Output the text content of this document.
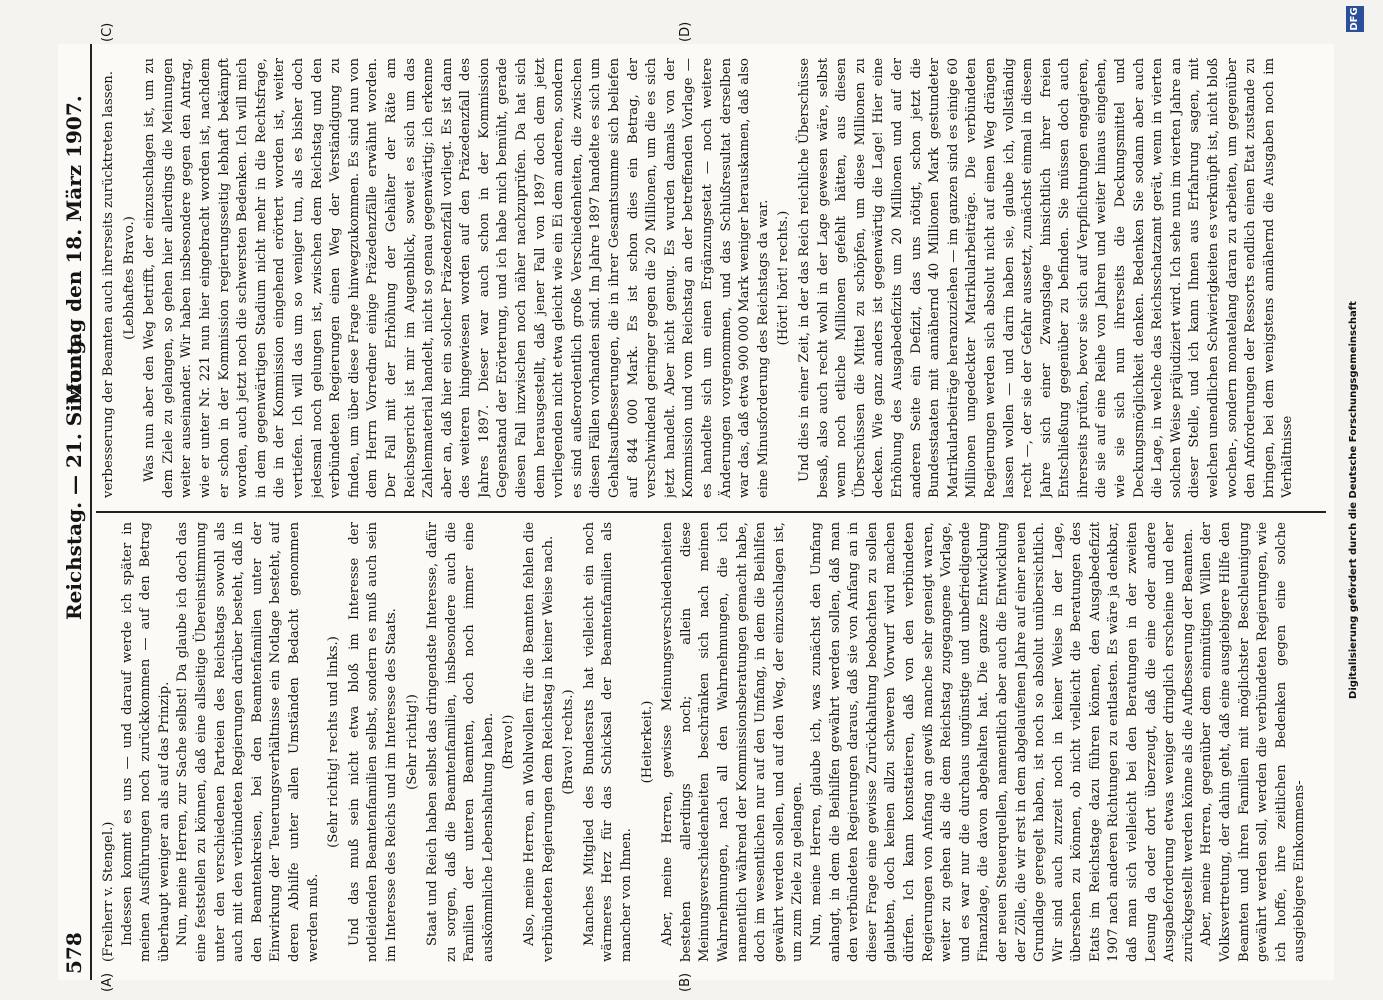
578
Reichstag. — 21. Sitzung.
Montag den 18. März 1907.
(A)	(B)
(C)	(D)

(Freiherr v. Stengel.) Indessen kommt es uns — und darauf werde ich später in meinen Ausführungen noch zurückkommen — auf den Betrag überhaupt weniger an als auf das Prinzip. Nun, meine Herren, zur Sache selbst! Da glaube ich doch das eine feststellen zu können, daß eine allseitige Übereinstimmung unter den verschiedenen Parteien des Reichstags sowohl als auch mit den verbündeten Regierungen darüber besteht, daß in den Beamtenkreisen, bei den Beamtenfamilien unter der Einwirkung der Teuerungsverhältnisse ein Notlage besteht, auf deren Abhilfe unter allen Umständen Bedacht genommen werden muß.

(Sehr richtig! rechts und links.) Und das muß sein nicht etwa bloß im Interesse der notleidenden Beamtenfamilien selbst, sondern es muß auch sein im Interesse des Reichs und im Interesse des Staats. (Sehr richtig!) Staat und Reich haben selbst das dringendste Interesse, dafür zu sorgen, daß die Beamtenfamilien, insbesondere auch die Familien der unteren Beamten, doch noch immer eine auskömmliche Lebenshaltung haben. (Bravo!) Also, meine Herren, an Wohlwollen für die Beamten fehlen die verbündeten Regierungen dem Reichstag in keiner Weise nach. (Bravo! rechts.) Manches Mitglied des Bundesrats hat vielleicht ein noch wärmeres Herz für das Schicksal der Beamtenfamilien als mancher von Ihnen.

(Heiterkeit.) Aber, meine Herren, gewisse Meinungsverschiedenheiten bestehen allerdings noch; allein diese Meinungsverschiedenheiten beschränken sich nach meinen Wahrnehmungen, nach all den Wahrnehmungen, die ich namentlich während der Kommissionsberatungen gemacht habe, doch im wesentlichen nur auf den Umfang, in dem die Beihilfen gewährt werden sollen, und auf den Weg, der einzuschlagen ist, um zum Ziele zu gelangen. Nun, meine Herren, glaube ich, was zunächst den Umfang anlangt, in dem die Beihilfen gewährt werden sollen, daß man den verbündeten Regierungen daraus, daß sie von Anfang an in dieser Frage eine gewisse Zurückhaltung beobachten zu sollen glaubten, doch keinen allzu schweren Vorwurf wird machen dürfen. Ich kann konstatieren, daß von den verbündeten Regierungen von Anfang an gewiß manche sehr geneigt waren, weiter zu gehen als die dem Reichstag zugegangene Vorlage, und es war nur die durchaus ungünstige und unbefriedigende Finanzlage, die davon abgehalten hat. Die ganze Entwicklung der neuen Steuerquellen, namentlich aber auch die Entwicklung der Zölle, die wir erst in dem abgelaufenen Jahre auf einer neuen Grundlage geregelt haben, ist noch so absolut unübersichtlich. Wir sind auch zurzeit noch in keiner Weise in der Lage, übersehen zu können, ob nicht vielleicht die Beratungen des Etats im Reichstage dazu führen können, den Ausgabedefizit 1907 nach anderen Richtungen zu entlasten. Es wäre ja denkbar, daß man sich vielleicht bei den Beratungen in der zweiten Lesung da oder dort überzeugt, daß die eine oder andere Ausgabeforderung etwas weniger dringlich erscheine und eher zurückgestellt werden könne als die Aufbesserung der Beamten. Aber, meine Herren, gegenüber dem einmütigen Willen der Volksvertretung, der dahin geht, daß eine ausgiebigere Hilfe den Beamten und ihren Familien mit möglichster Beschleunigung gewährt werden soll, werden die verbündeten Regierungen, wie ich hoffe, ihre zeitlichen Bedenken gegen eine solche ausgiebigere Einkommens-

verbesserung der Beamten auch ihrerseits zurücktreten lassen. (Lebhaftes Bravo.) Was nun aber den Weg betrifft, der einzuschlagen ist, um zu dem Ziele zu gelangen, so gehen hier allerdings die Meinungen weiter auseinander. Wir haben insbesondere gegen den Antrag, wie er unter Nr. 221 nun hier eingebracht worden ist, nachdem er schon in der Kommission regierungsseitig lebhaft bekämpft worden, auch jetzt noch die schwersten Bedenken. Ich will mich in dem gegenwärtigen Stadium nicht mehr in die Rechtsfrage, die in der Kommission eingehend erörtert worden ist, weiter vertiefen. Ich will das um so weniger tun, als es bisher doch jedesmal noch gelungen ist, zwischen dem Reichstag und den verbündeten Regierungen einen Weg der Verständigung zu finden, um über diese Frage hinwegzukommen. Es sind nun von dem Herrn Vorredner einige Präzedenzfälle erwähnt worden. Der Fall mit der Erhöhung der Gehälter der Räte am Reichsgericht ist mir im Augenblick, soweit es sich um das Zahlenmaterial handelt, nicht so genau gegenwärtig; ich erkenne aber an, daß hier ein solcher Präzedenzfall vorliegt. Es ist dann des weiteren hingewiesen worden auf den Präzedenzfall des Jahres 1897. Dieser war auch schon in der Kommission Gegenstand der Erörterung, und ich habe mich bemüht, gerade diesen Fall inzwischen noch näher nachzuprüfen. Da hat sich denn herausgestellt, daß jener Fall von 1897 doch dem jetzt vorliegenden nicht etwa gleicht wie ein Ei dem anderen, sondern es sind außerordentlich große Verschiedenheiten, die zwischen diesen Fällen vorhanden sind. Im Jahre 1897 handelte es sich um Gehaltsaufbesserungen, die in ihrer Gesamtsumme sich beliefen auf 844 000 Mark. Es ist schon dies ein Betrag, der verschwindend geringer gegen die 20 Millionen, um die es sich jetzt handelt. Aber nicht genug. Es wurden damals von der Kommission und vom Reichstag an der betreffenden Vorlage — es handelte sich um einen Ergänzungsetat — noch weitere Änderungen vorgenommen, und das Schlußresultat derselben war das, daß etwa 900 000 Mark weniger herauskamen, daß also eine Minusforderung des Reichstags da war. (Hört! hört! rechts.) Und dies in einer Zeit, in der das Reich reichliche Überschüsse besaß, also auch recht wohl in der Lage gewesen wäre, selbst wenn noch etliche Millionen gefehlt hätten, aus diesen Überschüssen die Mittel zu schöpfen, um diese Millionen zu decken. Wie ganz anders ist gegenwärtig die Lage! Hier eine Erhöhung des Ausgabedefizits um 20 Millionen und auf der anderen Seite ein Defizit, das uns nötigt, schon jetzt die Bundesstaaten mit annähernd 40 Millionen Mark gestundeter Matrikularbeiträge heranzuziehen — im ganzen sind es einige 60 Millionen ungedeckter Matrikularbeiträge. Die verbündeten Regierungen werden sich absolut nicht auf einen Weg drängen lassen wollen — und darin haben sie, glaube ich, vollständig recht —, der sie der Gefahr aussetzt, zunächst einmal in diesem Jahre sich einer Zwangslage hinsichtlich ihrer freien Entschließung gegenüber zu befinden. Sie müssen doch auch ihrerseits prüfen, bevor sie sich auf Verpflichtungen engagieren, die sie auf eine Reihe von Jahren und weiter hinaus eingehen, wie sie sich nun ihrerseits die Deckungsmittel und Deckungsmöglichkeit denken. Bedenken Sie sodann aber auch die Lage, in welche das Reichsschatzamt gerät, wenn in vierten solchen Weise präjudiziert wird. Ich sehe nun im vierten Jahre an dieser Stelle, und ich kann Ihnen aus Erfahrung sagen, mit welchen unendlichen Schwierigkeiten es verknüpft ist, nicht bloß wochen-, sondern monatelang daran zu arbeiten, um gegenüber den Anforderungen der Ressorts endlich einen Etat zustande zu bringen, bei dem wenigstens annähernd die Ausgaben noch im Verhältnisse	Digitalisierung gefördert durch die Deutsche Forschungsgemeinschaft
DFG
